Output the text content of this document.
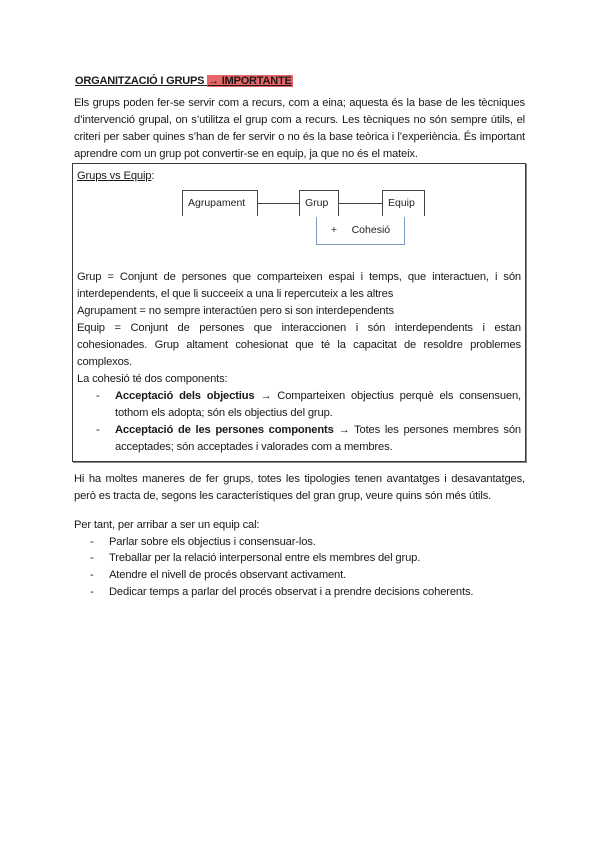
ORGANITZACIÓ I GRUPS → IMPORTANTE
Els grups poden fer-se servir com a recurs, com a eina; aquesta és la base de les tècniques
d’intervenció grupal, on s’utilitza el grup com a recurs. Les tècniques no són sempre útils, el
criteri per saber quines s’han de fer servir o no és la base teòrica i l’experiència. És important
aprendre com un grup pot convertir-se en equip, ja que no és el mateix.
Grups vs Equip:
Agrupament	Grup	Equip
+     Cohesió
Grup = Conjunt de persones que comparteixen espai i temps, que interactuen, i són
interdependents, el que li succeeix a una li repercuteix a les altres
Agrupament = no sempre interactúen pero si son interdependents
Equip = Conjunt de persones que interaccionen i són interdependents i estan
cohesionades. Grup altament cohesionat que té la capacitat de resoldre problemes
complexos.
La cohesió té dos components:
- Acceptació dels objectius → Comparteixen objectius perquè els consensuen,
tothom els adopta; són els objectius del grup.
- Acceptació de les persones components → Totes les persones membres són
acceptades; són acceptades i valorades com a membres.
Hi ha moltes maneres de fer grups, totes les tipologies tenen avantatges i desavantatges,
però es tracta de, segons les característiques del gran grup, veure quins són més útils.
Per tant, per arribar a ser un equip cal:
- Parlar sobre els objectius i consensuar-los.
- Treballar per la relació interpersonal entre els membres del grup.
- Atendre el nivell de procés observant activament.
- Dedicar temps a parlar del procés observat i a prendre decisions coherents.
